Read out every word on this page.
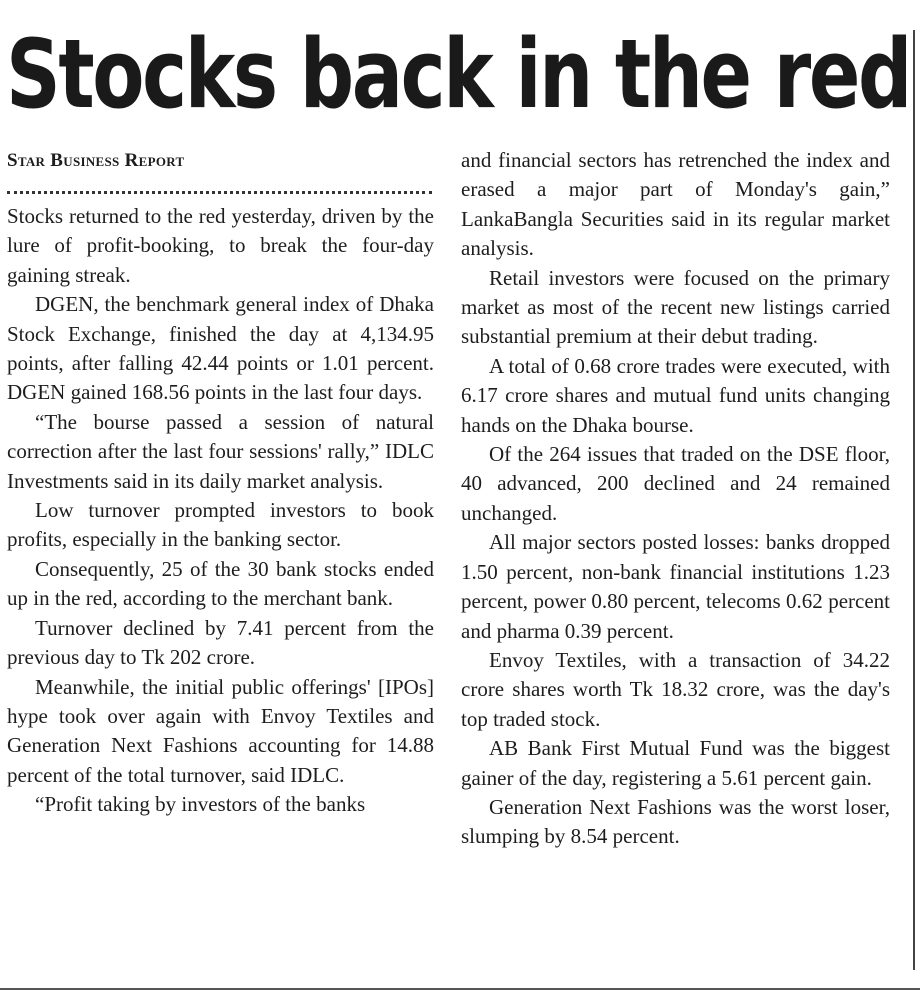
Stocks back in the red

Star Business Report

Stocks returned to the red yesterday, driven by the lure of profit-booking, to break the four-day gaining streak.

DGEN, the benchmark general index of Dhaka Stock Exchange, finished the day at 4,134.95 points, after falling 42.44 points or 1.01 percent. DGEN gained 168.56 points in the last four days.

“The bourse passed a session of natural correction after the last four sessions' rally,” IDLC Investments said in its daily market analysis.

Low turnover prompted investors to book profits, especially in the banking sector.

Consequently, 25 of the 30 bank stocks ended up in the red, according to the merchant bank.

Turnover declined by 7.41 percent from the previous day to Tk 202 crore.

Meanwhile, the initial public offerings' [IPOs] hype took over again with Envoy Textiles and Generation Next Fashions accounting for 14.88 percent of the total turnover, said IDLC.

“Profit taking by investors of the banks

and financial sectors has retrenched the index and erased a major part of Monday's gain,” LankaBangla Securities said in its regular market analysis.

Retail investors were focused on the primary market as most of the recent new listings carried substantial premium at their debut trading.

A total of 0.68 crore trades were executed, with 6.17 crore shares and mutual fund units changing hands on the Dhaka bourse.

Of the 264 issues that traded on the DSE floor, 40 advanced, 200 declined and 24 remained unchanged.

All major sectors posted losses: banks dropped 1.50 percent, non-bank financial institutions 1.23 percent, power 0.80 percent, telecoms 0.62 percent and pharma 0.39 percent.

Envoy Textiles, with a transaction of 34.22 crore shares worth Tk 18.32 crore, was the day's top traded stock.

AB Bank First Mutual Fund was the biggest gainer of the day, registering a 5.61 percent gain.

Generation Next Fashions was the worst loser, slumping by 8.54 percent.
